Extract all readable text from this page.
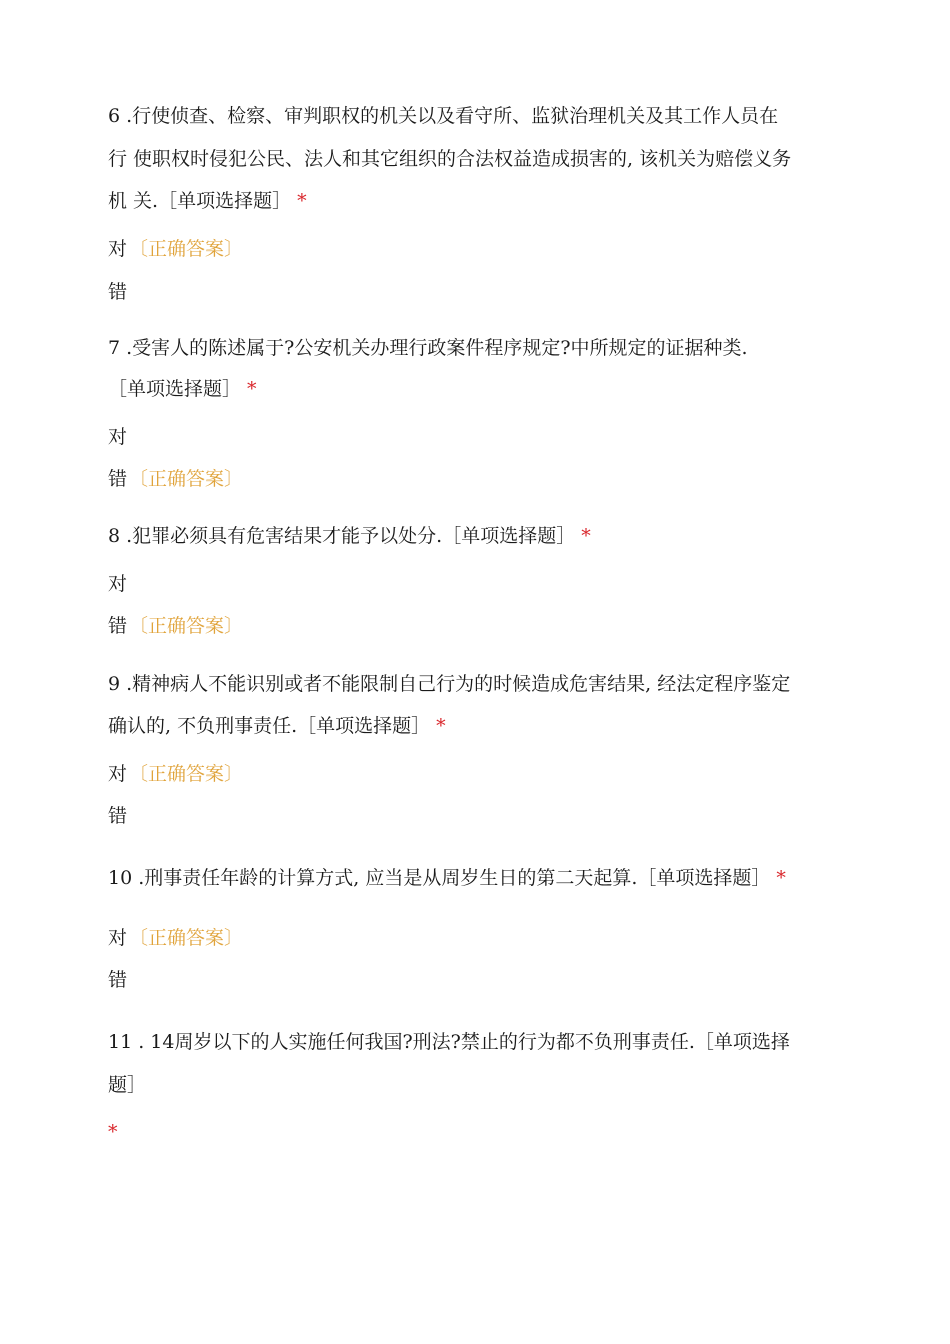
6 .行使侦查、检察、审判职权的机关以及看守所、监狱治理机关及其工作人员在
行 使职权时侵犯公民、法人和其它组织的合法权益造成损害的, 该机关为赔偿义务
机 关.［单项选择题］ *
对 〔正确答案〕
错
7 .受害人的陈述属于?公安机关办理行政案件程序规定?中所规定的证据种类.
［单项选择题］ *
对
错 〔正确答案〕
8 .犯罪必须具有危害结果才能予以处分.［单项选择题］ *
对
错 〔正确答案〕
9 .精神病人不能识别或者不能限制自己行为的时候造成危害结果, 经法定程序鉴定
确认的, 不负刑事责任.［单项选择题］ *
对 〔正确答案〕
错
10 .刑事责任年龄的计算方式, 应当是从周岁生日的第二天起算.［单项选择题］ *
对 〔正确答案〕
错
11 . 14周岁以下的人实施任何我国?刑法?禁止的行为都不负刑事责任.［单项选择
题］
*
